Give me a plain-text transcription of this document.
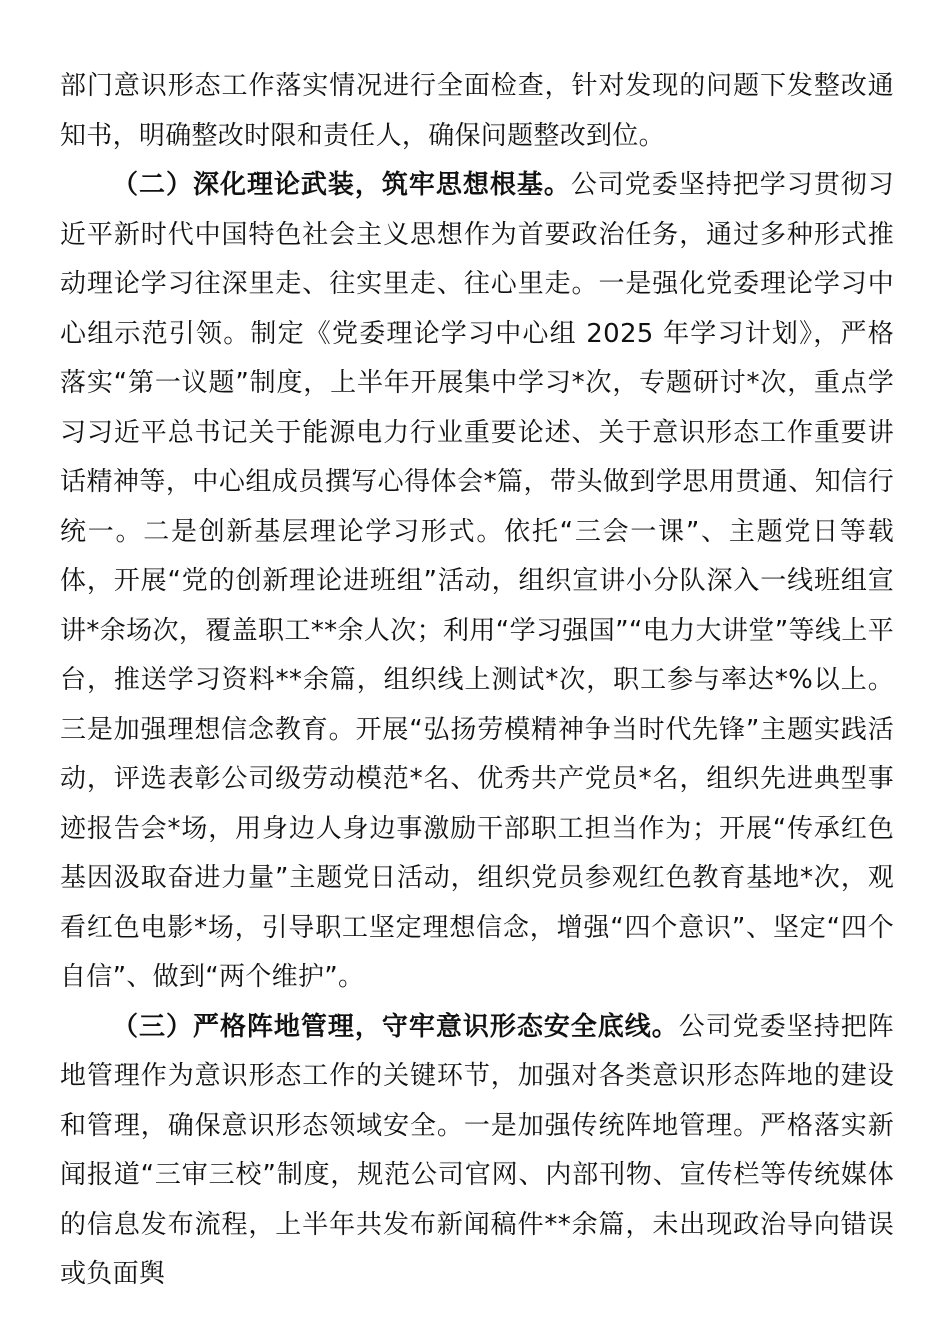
部门意识形态工作落实情况进行全面检查，针对发现的问题下发整改通知书，明确整改时限和责任人，确保问题整改到位。

（二）深化理论武装，筑牢思想根基。公司党委坚持把学习贯彻习近平新时代中国特色社会主义思想作为首要政治任务，通过多种形式推动理论学习往深里走、往实里走、往心里走。一是强化党委理论学习中心组示范引领。制定《党委理论学习中心组 2025 年学习计划》，严格落实“第一议题”制度，上半年开展集中学习*次，专题研讨*次，重点学习习近平总书记关于能源电力行业重要论述、关于意识形态工作重要讲话精神等，中心组成员撰写心得体会*篇，带头做到学思用贯通、知信行统一。二是创新基层理论学习形式。依托“三会一课”、主题党日等载体，开展“党的创新理论进班组”活动，组织宣讲小分队深入一线班组宣讲*余场次，覆盖职工**余人次；利用“学习强国”“电力大讲堂”等线上平台，推送学习资料**余篇，组织线上测试*次，职工参与率达*%以上。三是加强理想信念教育。开展“弘扬劳模精神争当时代先锋”主题实践活动，评选表彰公司级劳动模范*名、优秀共产党员*名，组织先进典型事迹报告会*场，用身边人身边事激励干部职工担当作为；开展“传承红色基因汲取奋进力量”主题党日活动，组织党员参观红色教育基地*次，观看红色电影*场，引导职工坚定理想信念，增强“四个意识”、坚定“四个自信”、做到“两个维护”。

（三）严格阵地管理，守牢意识形态安全底线。公司党委坚持把阵地管理作为意识形态工作的关键环节，加强对各类意识形态阵地的建设和管理，确保意识形态领域安全。一是加强传统阵地管理。严格落实新闻报道“三审三校”制度，规范公司官网、内部刊物、宣传栏等传统媒体的信息发布流程，上半年共发布新闻稿件**余篇，未出现政治导向错误或负面舆
